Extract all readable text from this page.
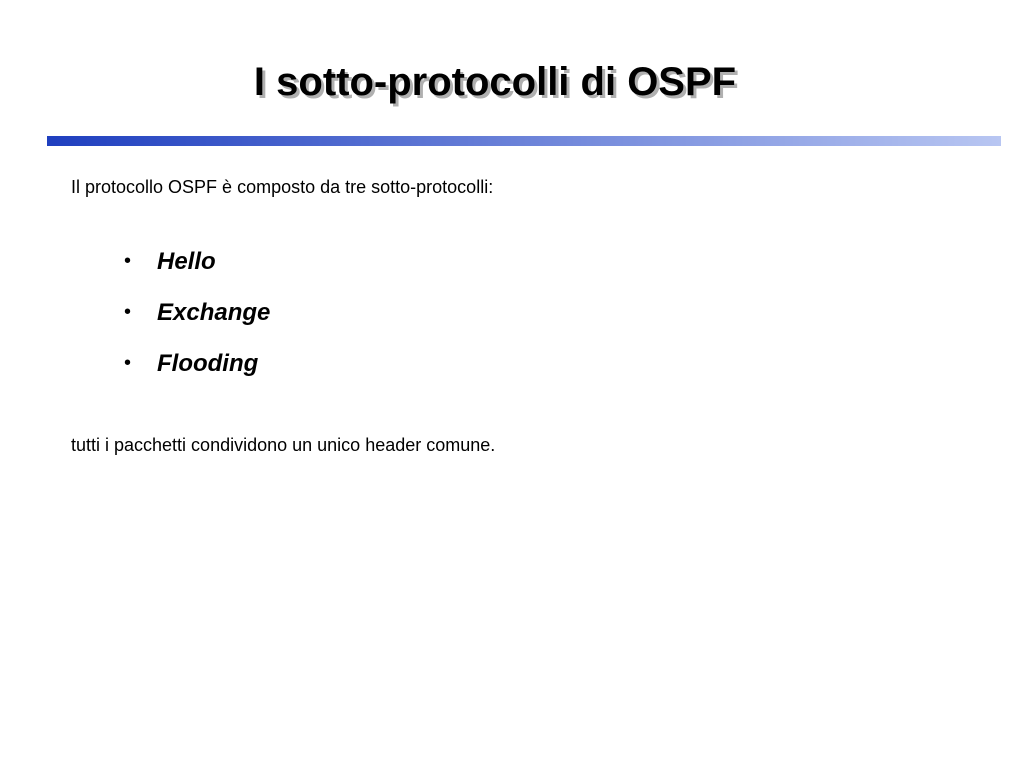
I sotto-protocolli di OSPF
Il protocollo OSPF è composto da tre sotto-protocolli:
•	Hello
•	Exchange
•	Flooding
tutti i pacchetti condividono un unico header comune.
